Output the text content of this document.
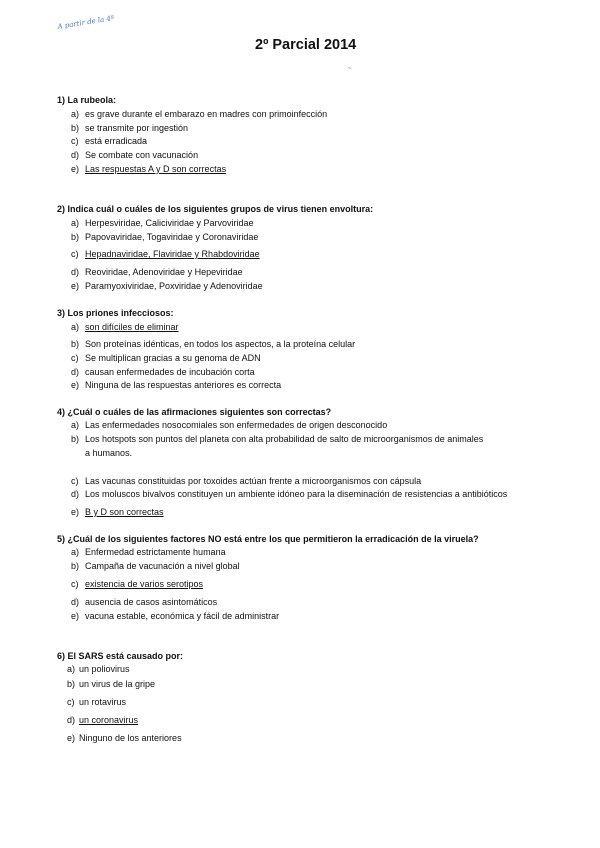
A partir de la 4ª
2º Parcial 2014
~
1) La rubeola:
a) es grave durante el embarazo en madres con primoinfección
b) se transmite por ingestión
c) está erradicada
d) Se combate con vacunación
e) Las respuestas A y D son correctas
2) Indica cuál o cuáles de los siguientes grupos de virus tienen envoltura:
a) Herpesviridae, Caliciviridae y Parvoviridae
b) Papovaviridae, Togaviridae y Coronaviridae
c) Hepadnaviridae, Flaviridae y Rhabdoviridae
d) Reoviridae, Adenoviridae y Hepeviridae
e) Paramyoxiviridae, Poxviridae y Adenoviridae
3) Los priones infecciosos:
a) son difíciles de eliminar
b) Son proteínas idénticas, en todos los aspectos, a la proteína celular
c) Se multiplican gracias a su genoma de ADN
d) causan enfermedades de incubación corta
e) Ninguna de las respuestas anteriores es correcta
4) ¿Cuál o cuáles de las afirmaciones siguientes son correctas?
a) Las enfermedades nosocomiales son enfermedades de origen desconocido
b) Los hotspots son puntos del planeta con alta probabilidad de salto de microorganismos de animales
a humanos.
c) Las vacunas constituidas por toxoides actúan frente a microorganismos con cápsula
d) Los moluscos bivalvos constituyen un ambiente idóneo para la diseminación de resistencias a antibióticos
e) B y D son correctas
5) ¿Cuál de los siguientes factores NO está entre los que permitieron la erradicación de la viruela?
a) Enfermedad estrictamente humana
b) Campaña de vacunación a nivel global
c) existencia de varios serotipos
d) ausencia de casos asintomáticos
e) vacuna estable, económica y fácil de administrar
6) El SARS está causado por:
a) un poliovirus
b) un virus de la gripe
c) un rotavirus
d) un coronavirus
e) Ninguno de los anteriores
